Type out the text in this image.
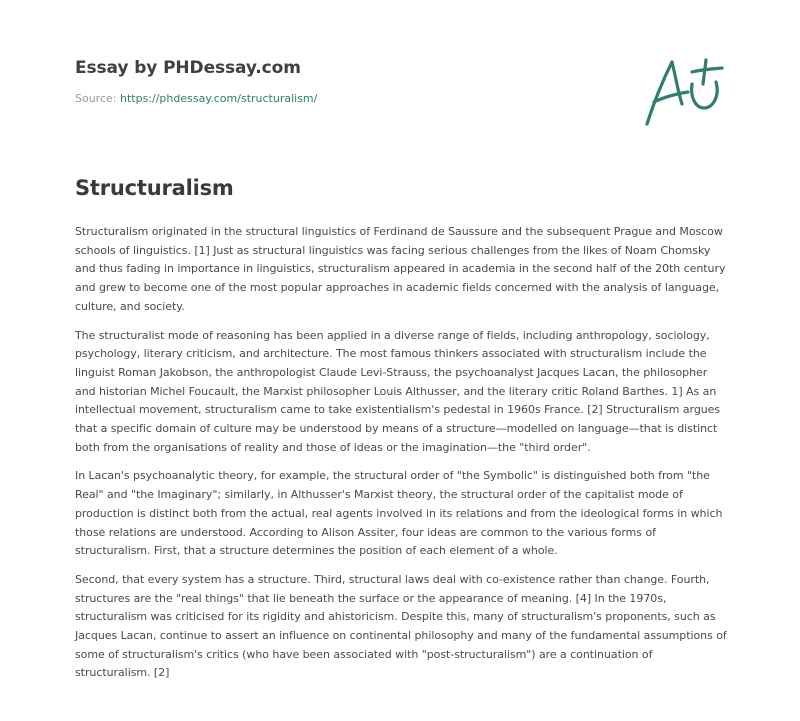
Essay by PHDessay.com
Source: https://phdessay.com/structuralism/
Structuralism

Structuralism originated in the structural linguistics of Ferdinand de Saussure and the subsequent Prague and Moscow schools of linguistics. [1] Just as structural linguistics was facing serious challenges from the likes of Noam Chomsky and thus fading in importance in linguistics, structuralism appeared in academia in the second half of the 20th century and grew to become one of the most popular approaches in academic fields concerned with the analysis of language, culture, and society.

The structuralist mode of reasoning has been applied in a diverse range of fields, including anthropology, sociology, psychology, literary criticism, and architecture. The most famous thinkers associated with structuralism include the linguist Roman Jakobson, the anthropologist Claude Levi-Strauss, the psychoanalyst Jacques Lacan, the philosopher and historian Michel Foucault, the Marxist philosopher Louis Althusser, and the literary critic Roland Barthes. 1] As an intellectual movement, structuralism came to take existentialism's pedestal in 1960s France. [2] Structuralism argues that a specific domain of culture may be understood by means of a structure—modelled on language—that is distinct both from the organisations of reality and those of ideas or the imagination—the "third order".

In Lacan's psychoanalytic theory, for example, the structural order of "the Symbolic" is distinguished both from "the Real" and "the Imaginary"; similarly, in Althusser's Marxist theory, the structural order of the capitalist mode of production is distinct both from the actual, real agents involved in its relations and from the ideological forms in which those relations are understood. According to Alison Assiter, four ideas are common to the various forms of structuralism. First, that a structure determines the position of each element of a whole.

Second, that every system has a structure. Third, structural laws deal with co-existence rather than change. Fourth, structures are the "real things" that lie beneath the surface or the appearance of meaning. [4] In the 1970s, structuralism was criticised for its rigidity and ahistoricism. Despite this, many of structuralism's proponents, such as Jacques Lacan, continue to assert an influence on continental philosophy and many of the fundamental assumptions of some of structuralism's critics (who have been associated with "post-structuralism") are a continuation of structuralism. [2]
